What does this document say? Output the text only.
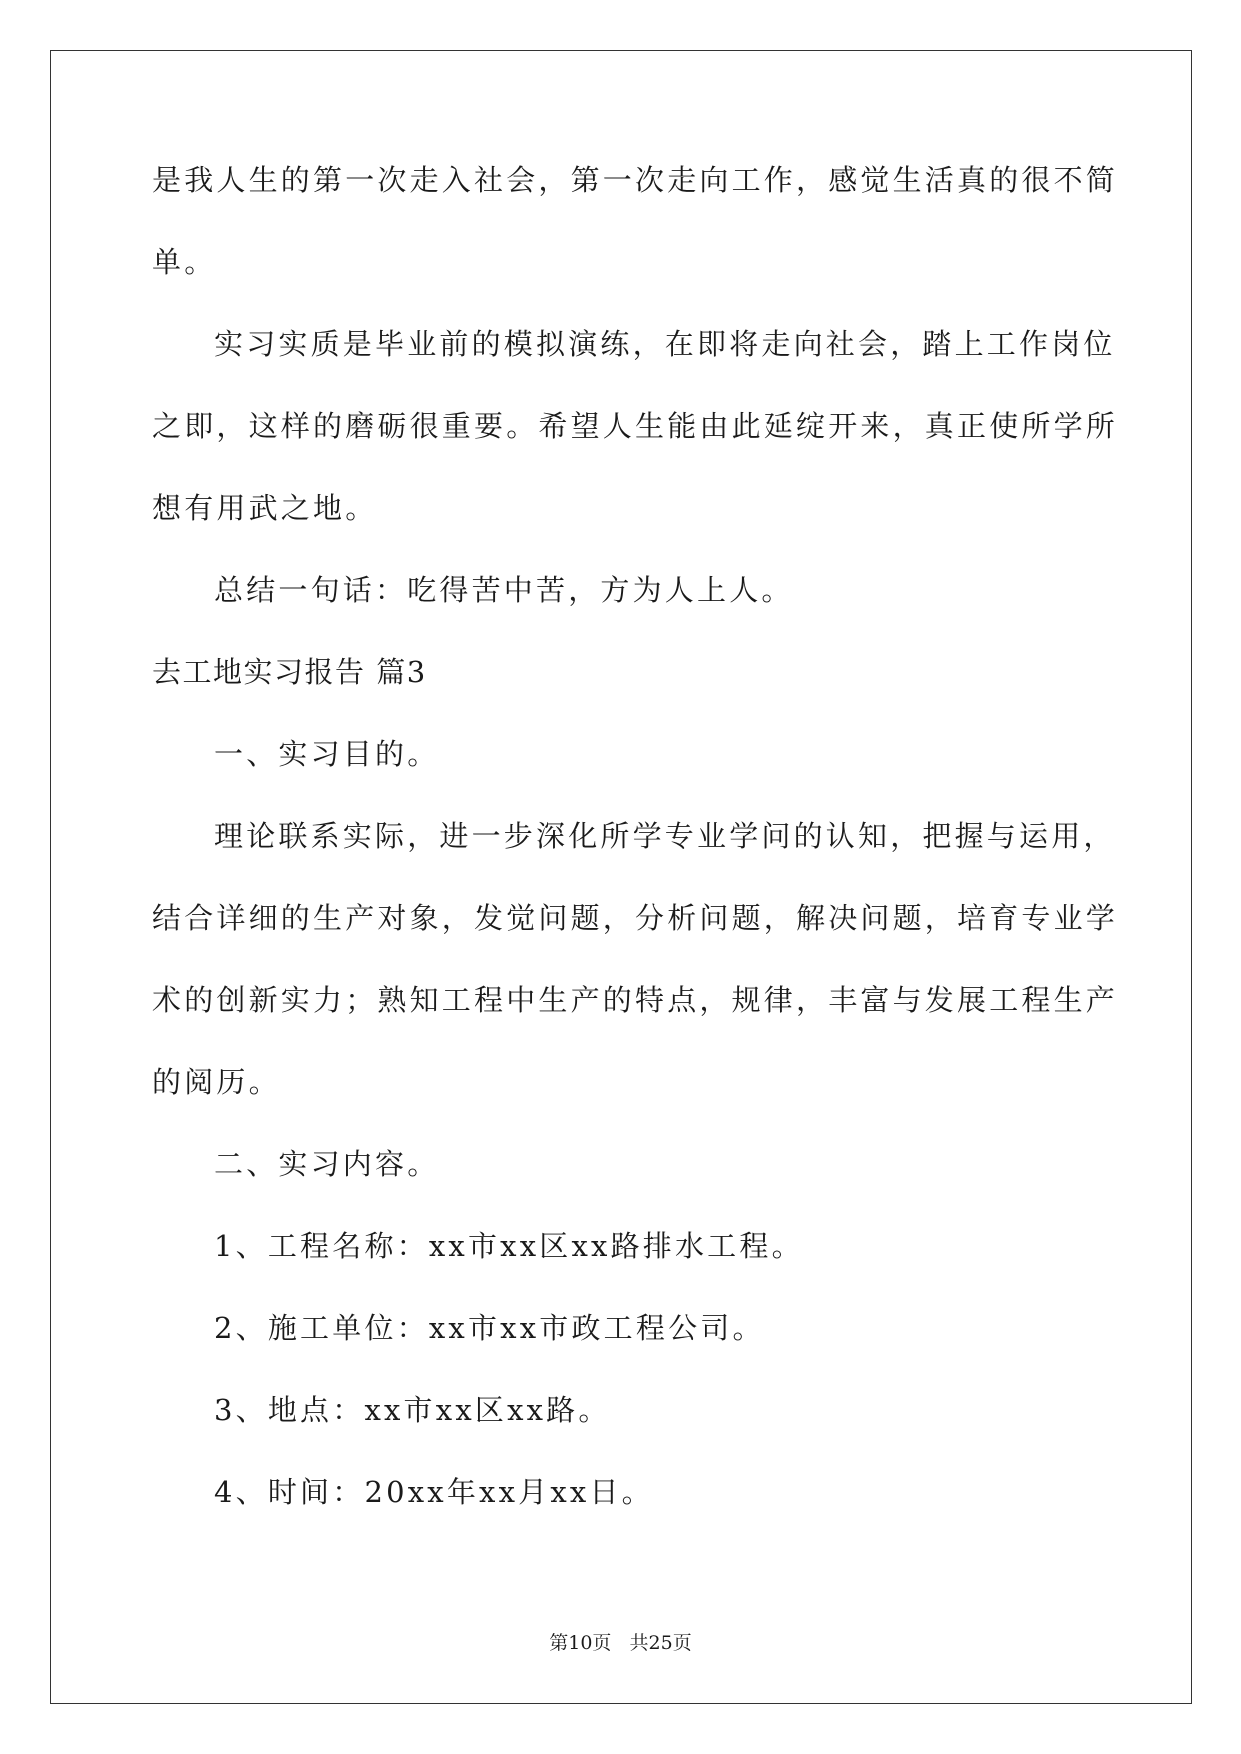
是我人生的第一次走入社会，第一次走向工作，感觉生活真的很不简
单。
实习实质是毕业前的模拟演练，在即将走向社会，踏上工作岗位
之即，这样的磨砺很重要。希望人生能由此延绽开来，真正使所学所
想有用武之地。
总结一句话：吃得苦中苦，方为人上人。
去工地实习报告 篇3
一、实习目的。
理论联系实际，进一步深化所学专业学问的认知，把握与运用，
结合详细的生产对象，发觉问题，分析问题，解决问题，培育专业学
术的创新实力；熟知工程中生产的特点，规律，丰富与发展工程生产
的阅历。
二、实习内容。
1、工程名称：xx市xx区xx路排水工程。
2、施工单位：xx市xx市政工程公司。
3、地点：xx市xx区xx路。
4、时间：20xx年xx月xx日。
第10页   共25页
